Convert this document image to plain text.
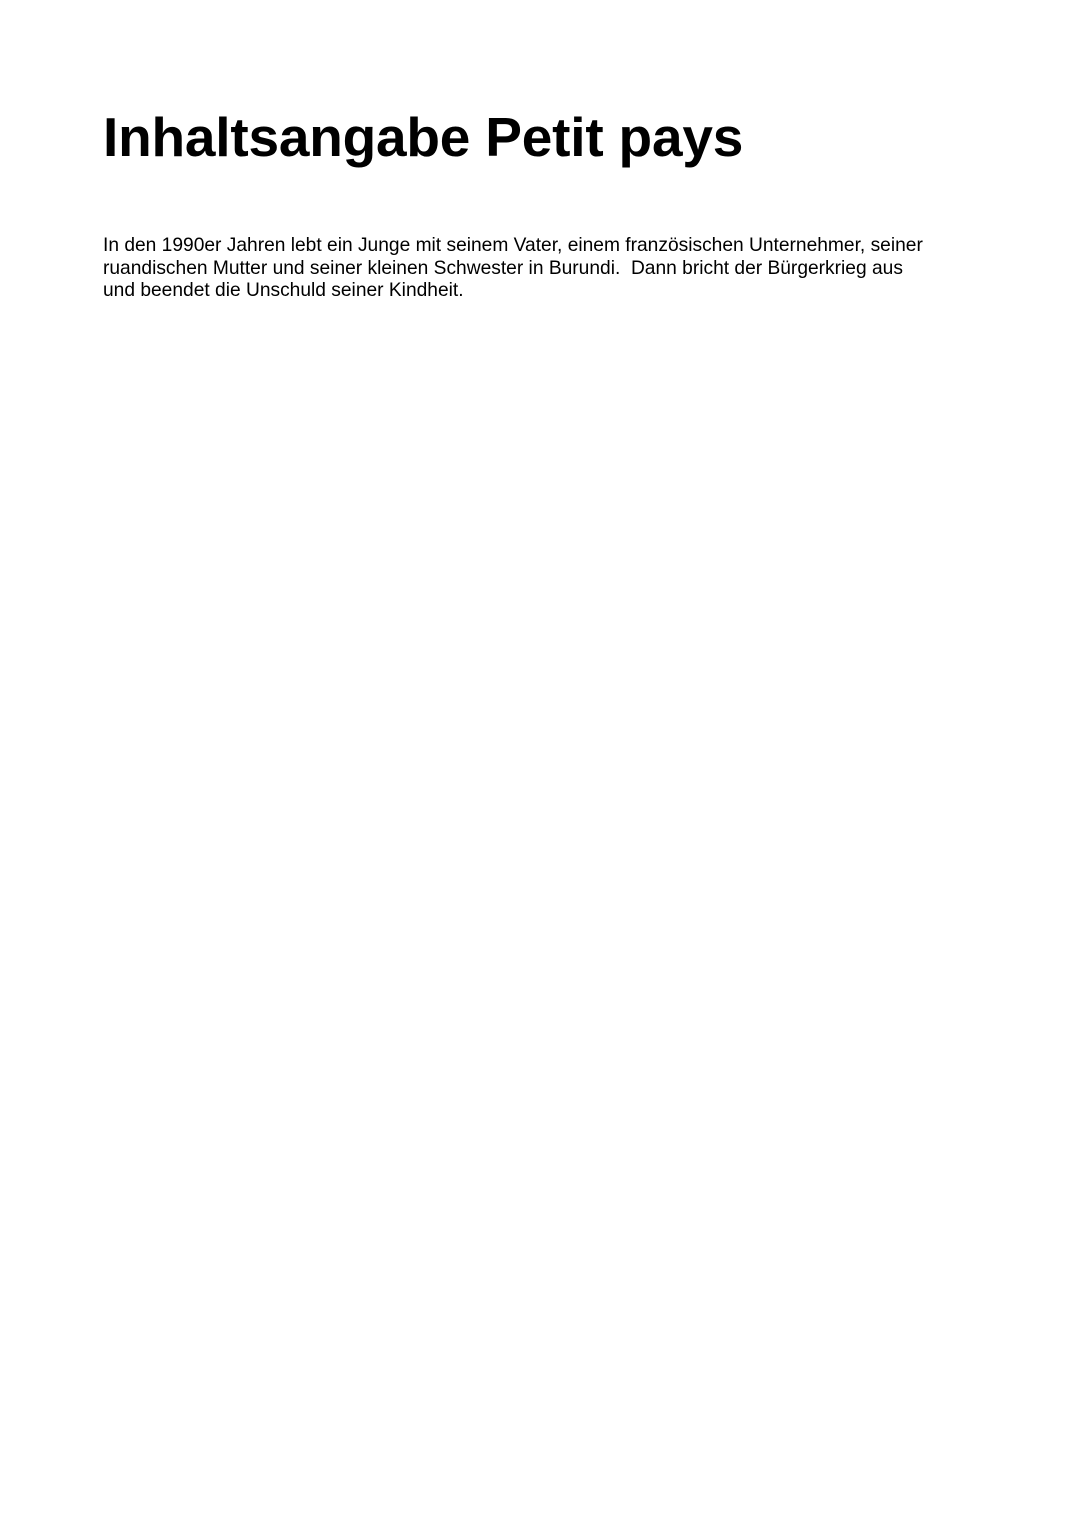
Inhaltsangabe Petit pays

In den 1990er Jahren lebt ein Junge mit seinem Vater, einem französischen Unternehmer, seiner
ruandischen Mutter und seiner kleinen Schwester in Burundi.  Dann bricht der Bürgerkrieg aus
und beendet die Unschuld seiner Kindheit.
